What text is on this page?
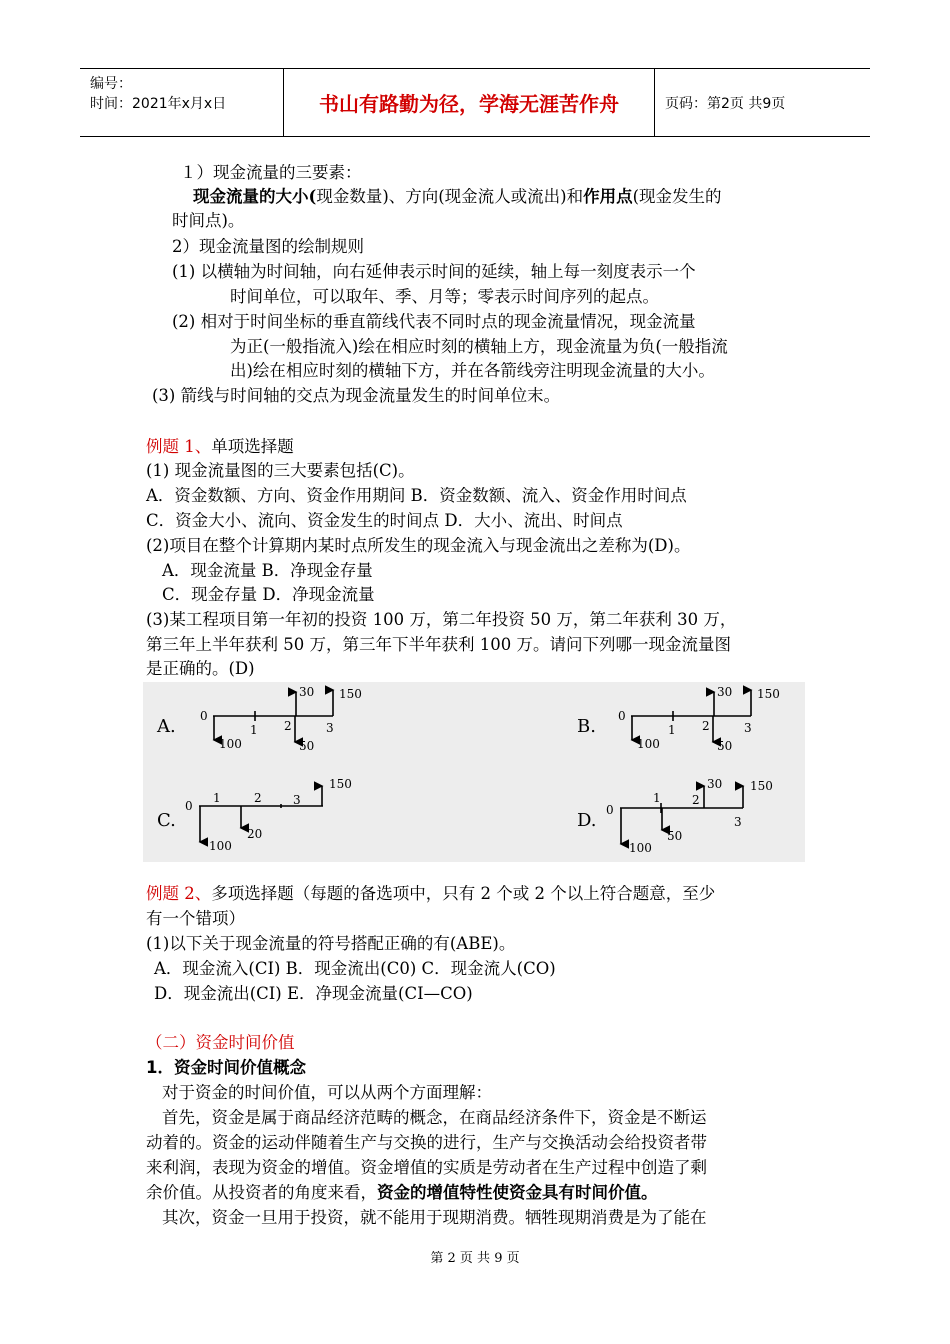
编号：
时间：2021年x月x日	书山有路勤为径，学海无涯苦作舟	页码：第2页 共9页
１）现金流量的三要素：
现金流量的大小(现金数量)、方向(现金流人或流出)和作用点(现金发生的
时间点)。
2）现金流量图的绘制规则
(1) 以横轴为时间轴，向右延伸表示时间的延续，轴上每一刻度表示一个
时间单位，可以取年、季、月等；零表示时间序列的起点。
(2) 相对于时间坐标的垂直箭线代表不同时点的现金流量情况，现金流量
为正(一般指流入)绘在相应时刻的横轴上方，现金流量为负(一般指流
出)绘在相应时刻的横轴下方，并在各箭线旁注明现金流量的大小。
(3) 箭线与时间轴的交点为现金流量发生的时间单位末。
例题 1、单项选择题
(1) 现金流量图的三大要素包括(C)。
A．资金数额、方向、资金作用期间 B．资金数额、流入、资金作用时间点
C．资金大小、流向、资金发生的时间点 D．大小、流出、时间点
(2)项目在整个计算期内某时点所发生的现金流入与现金流出之差称为(D)。
A．现金流量 B．净现金存量
C．现金存量 D．净现金流量
(3)某工程项目第一年初的投资 100 万，第二年投资 50 万，第二年获利 30 万，
第三年上半年获利 50 万，第三年下半年获利 100 万。请问下列哪一现金流量图
是正确的。(D)
A. 0
1 2	3
100	50
30 150
B. 0
1 2	3
100	50
30 150
C.
0
1	2	3
100
20
150
D. 0
1	2
3
100
50
30 150
例题 2、多项选择题（每题的备选项中，只有 2 个或 2 个以上符合题意，至少
有一个错项）
(1)以下关于现金流量的符号搭配正确的有(ABE)。
A．现金流入(CI) B．现金流出(C0) C．现金流人(CO)
D．现金流出(CI) E．净现金流量(CI—CO)
（二）资金时间价值
1．资金时间价值概念
对于资金的时间价值，可以从两个方面理解：
首先，资金是属于商品经济范畴的概念，在商品经济条件下，资金是不断运
动着的。资金的运动伴随着生产与交换的进行，生产与交换活动会给投资者带
来利润，表现为资金的增值。资金增值的实质是劳动者在生产过程中创造了剩
余价值。从投资者的角度来看，资金的增值特性使资金具有时间价值。
其次，资金一旦用于投资，就不能用于现期消费。牺牲现期消费是为了能在
第 2 页 共 9 页
